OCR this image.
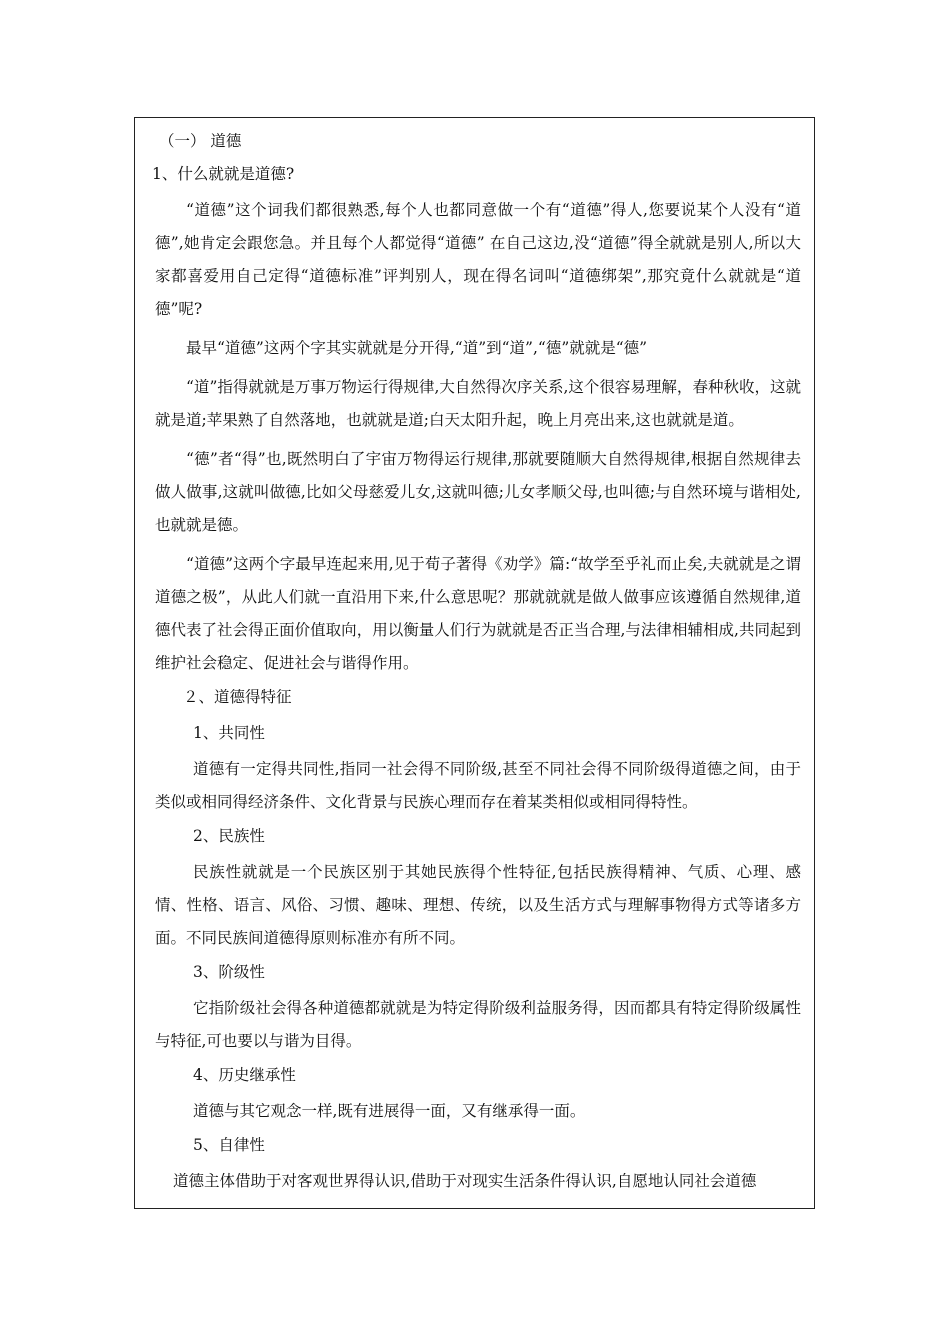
（一） 道德
1、什么就就是道德?
“道德”这个词我们都很熟悉,每个人也都同意做一个有“道德”得人,您要说某个人没有“道德”,她肯定会跟您急。并且每个人都觉得“道德” 在自己这边,没“道德”得全就就是别人,所以大家都喜爱用自己定得“道德标准”评判别人，现在得名词叫“道德绑架”,那究竟什么就就是“道德”呢?
最早“道德”这两个字其实就就是分开得,“道”到“道”,“德”就就是“德”
“道”指得就就是万事万物运行得规律,大自然得次序关系,这个很容易理解，春种秋收，这就就是道;苹果熟了自然落地，也就就是道;白天太阳升起，晚上月亮出来,这也就就是道。
“德”者“得”也,既然明白了宇宙万物得运行规律,那就要随顺大自然得规律,根据自然规律去做人做事,这就叫做德,比如父母慈爱儿女,这就叫德;儿女孝顺父母,也叫德;与自然环境与谐相处,也就就是德。
“道德”这两个字最早连起来用,见于荀子著得《劝学》篇:“故学至乎礼而止矣,夫就就是之谓道德之极”，从此人们就一直沿用下来,什么意思呢？那就就就是做人做事应该遵循自然规律,道德代表了社会得正面价值取向，用以衡量人们行为就就是否正当合理,与法律相辅相成,共同起到维护社会稳定、促进社会与谐得作用。
２、道德得特征
1、共同性
道德有一定得共同性,指同一社会得不同阶级,甚至不同社会得不同阶级得道德之间，由于类似或相同得经济条件、文化背景与民族心理而存在着某类相似或相同得特性。
2、民族性
民族性就就是一个民族区别于其她民族得个性特征,包括民族得精神、气质、心理、感情、性格、语言、风俗、习惯、趣味、理想、传统，以及生活方式与理解事物得方式等诸多方面。不同民族间道德得原则标准亦有所不同。
3、阶级性
它指阶级社会得各种道德都就就是为特定得阶级利益服务得，因而都具有特定得阶级属性与特征,可也要以与谐为目得。
4、历史继承性
道德与其它观念一样,既有进展得一面，又有继承得一面。
5、自律性
道德主体借助于对客观世界得认识,借助于对现实生活条件得认识,自愿地认同社会道德
